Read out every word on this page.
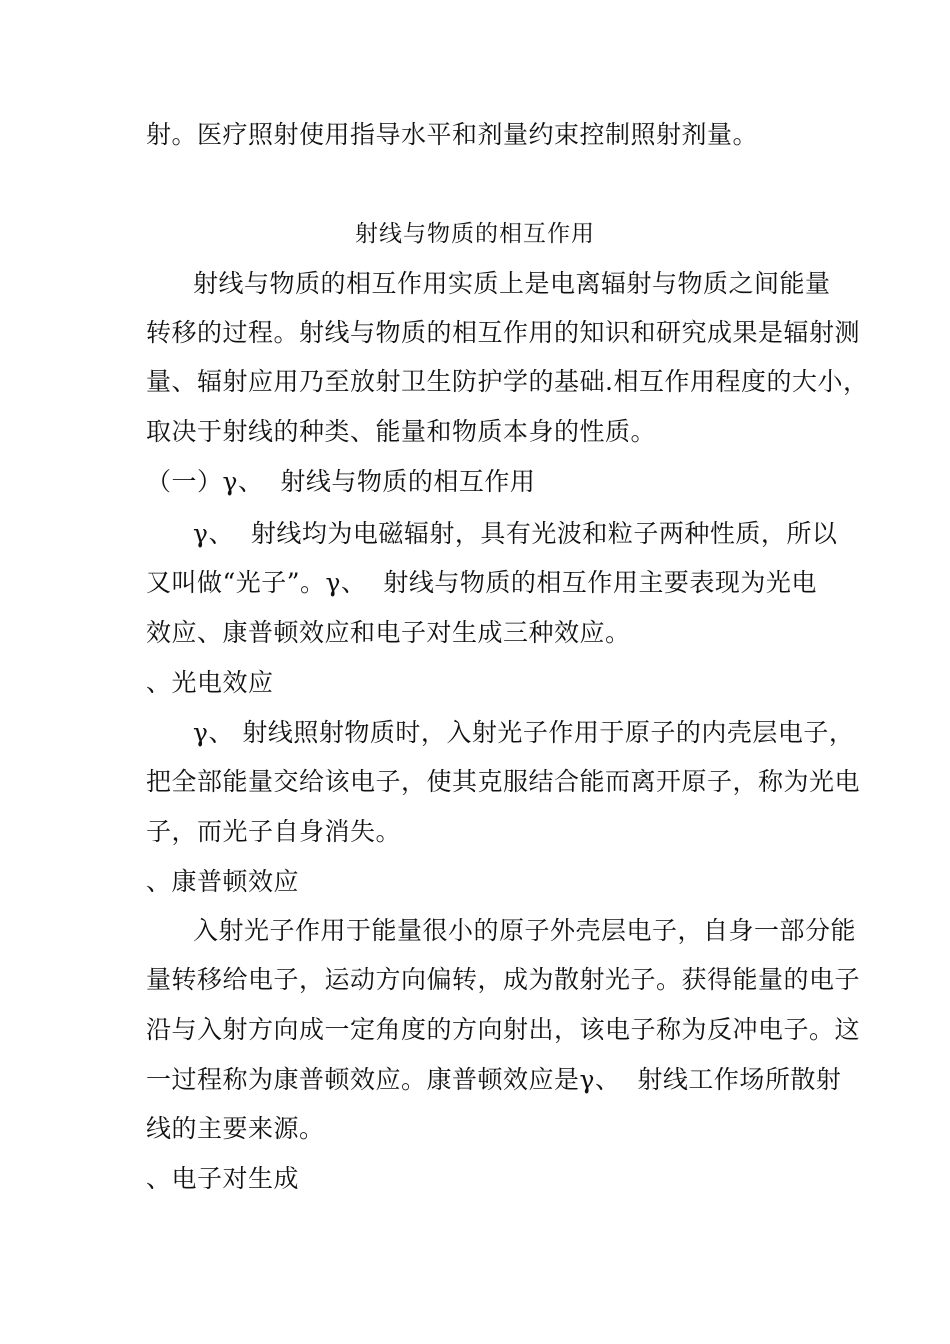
射。医疗照射使用指导水平和剂量约束控制照射剂量。
射线与物质的相互作用
射线与物质的相互作用实质上是电离辐射与物质之间能量
转移的过程。射线与物质的相互作用的知识和研究成果是辐射测
量、辐射应用乃至放射卫生防护学的基础.相互作用程度的大小，
取决于射线的种类、能量和物质本身的性质。
（一）γ、  射线与物质的相互作用
γ、  射线均为电磁辐射，具有光波和粒子两种性质，所以
又叫做“光子”。γ、  射线与物质的相互作用主要表现为光电
效应、康普顿效应和电子对生成三种效应。
、光电效应
γ、 射线照射物质时，入射光子作用于原子的内壳层电子，
把全部能量交给该电子，使其克服结合能而离开原子，称为光电
子，而光子自身消失。
、康普顿效应
入射光子作用于能量很小的原子外壳层电子，自身一部分能
量转移给电子，运动方向偏转，成为散射光子。获得能量的电子
沿与入射方向成一定角度的方向射出，该电子称为反冲电子。这
一过程称为康普顿效应。康普顿效应是γ、  射线工作场所散射
线的主要来源。
、电子对生成
